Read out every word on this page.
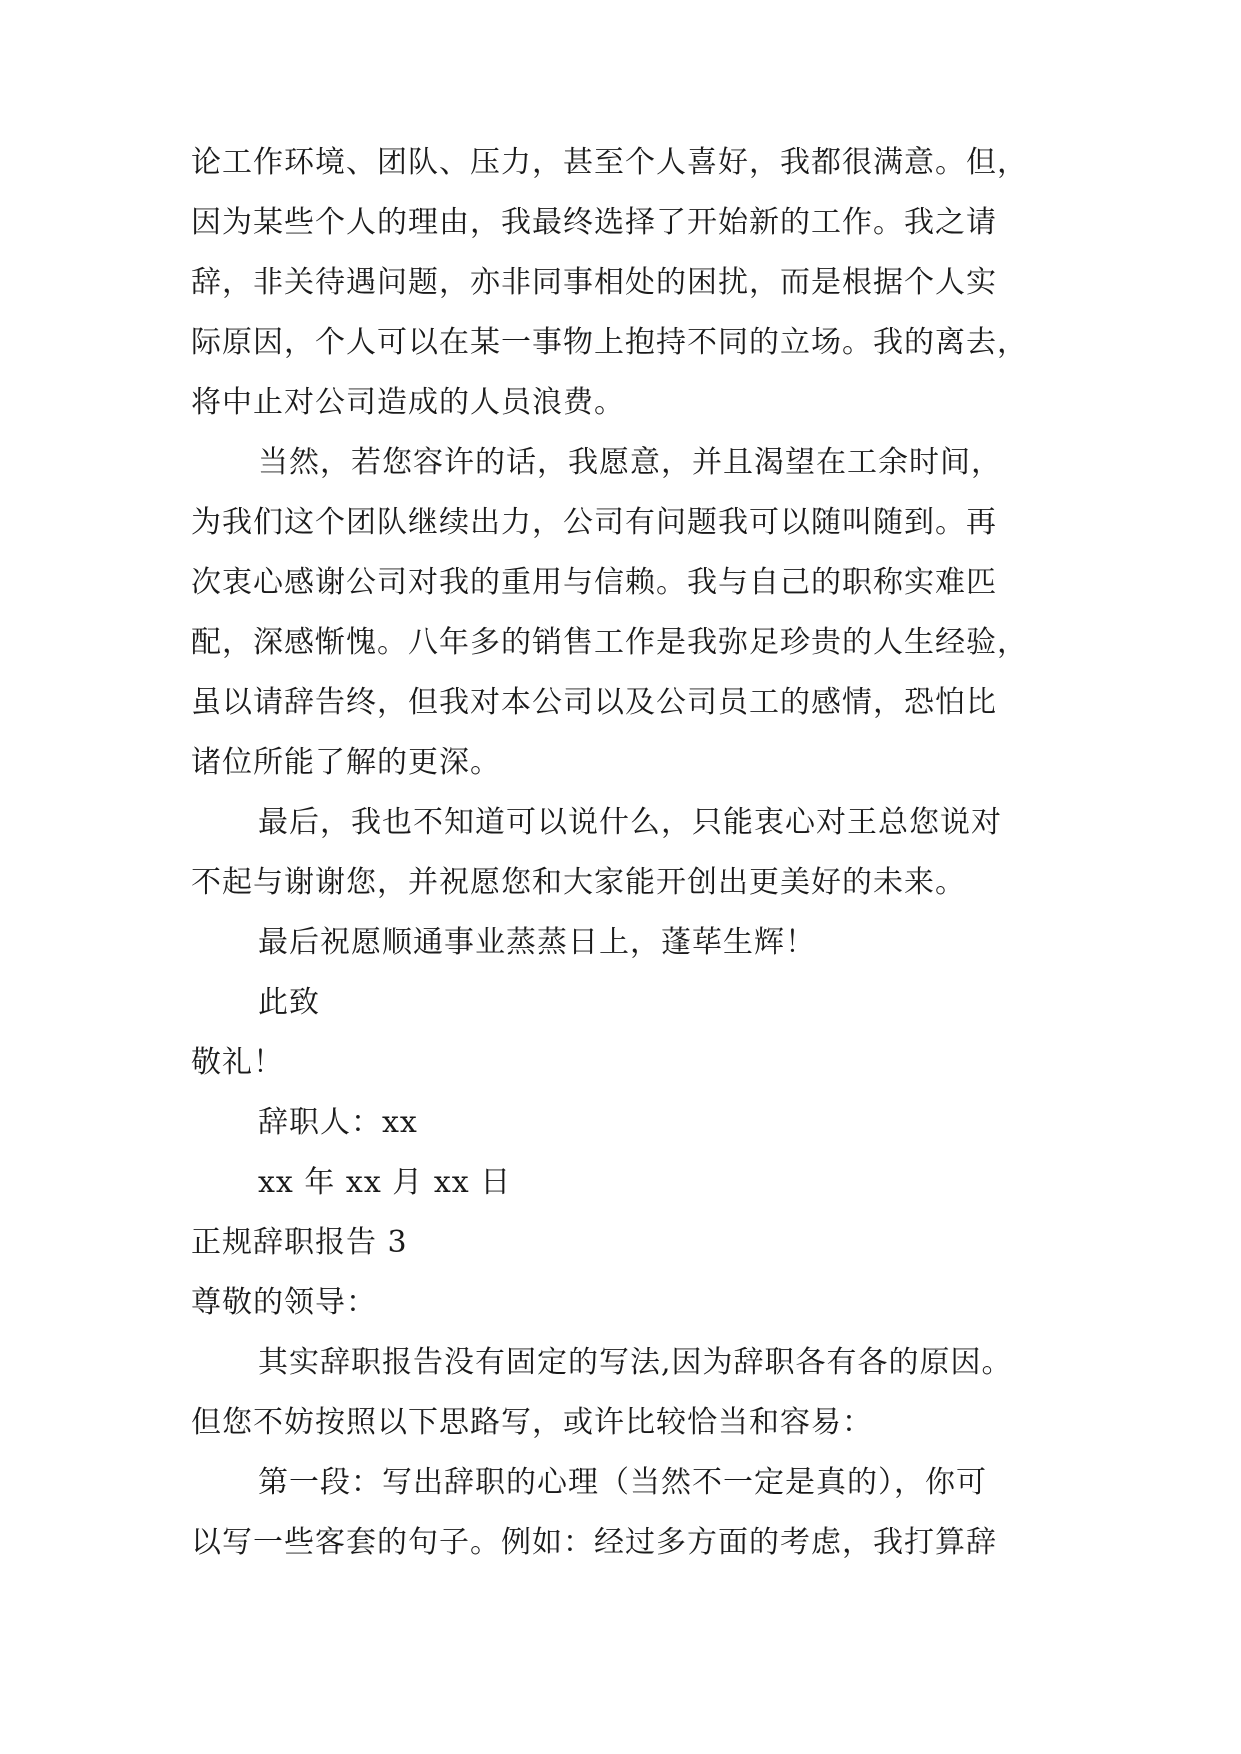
论工作环境、团队、压力，甚至个人喜好，我都很满意。但，
因为某些个人的理由，我最终选择了开始新的工作。我之请
辞，非关待遇问题，亦非同事相处的困扰，而是根据个人实
际原因，个人可以在某一事物上抱持不同的立场。我的离去，
将中止对公司造成的人员浪费。
当然，若您容许的话，我愿意，并且渴望在工余时间，
为我们这个团队继续出力，公司有问题我可以随叫随到。再
次衷心感谢公司对我的重用与信赖。我与自己的职称实难匹
配，深感惭愧。八年多的销售工作是我弥足珍贵的人生经验，
虽以请辞告终，但我对本公司以及公司员工的感情，恐怕比
诸位所能了解的更深。
最后，我也不知道可以说什么，只能衷心对王总您说对
不起与谢谢您，并祝愿您和大家能开创出更美好的未来。
最后祝愿顺通事业蒸蒸日上，蓬荜生辉！
此致
敬礼！
辞职人：xx
xx 年 xx 月 xx 日
正规辞职报告 3
尊敬的领导：
其实辞职报告没有固定的写法,因为辞职各有各的原因。
但您不妨按照以下思路写，或许比较恰当和容易：
第一段：写出辞职的心理（当然不一定是真的），你可
以写一些客套的句子。例如：经过多方面的考虑，我打算辞
